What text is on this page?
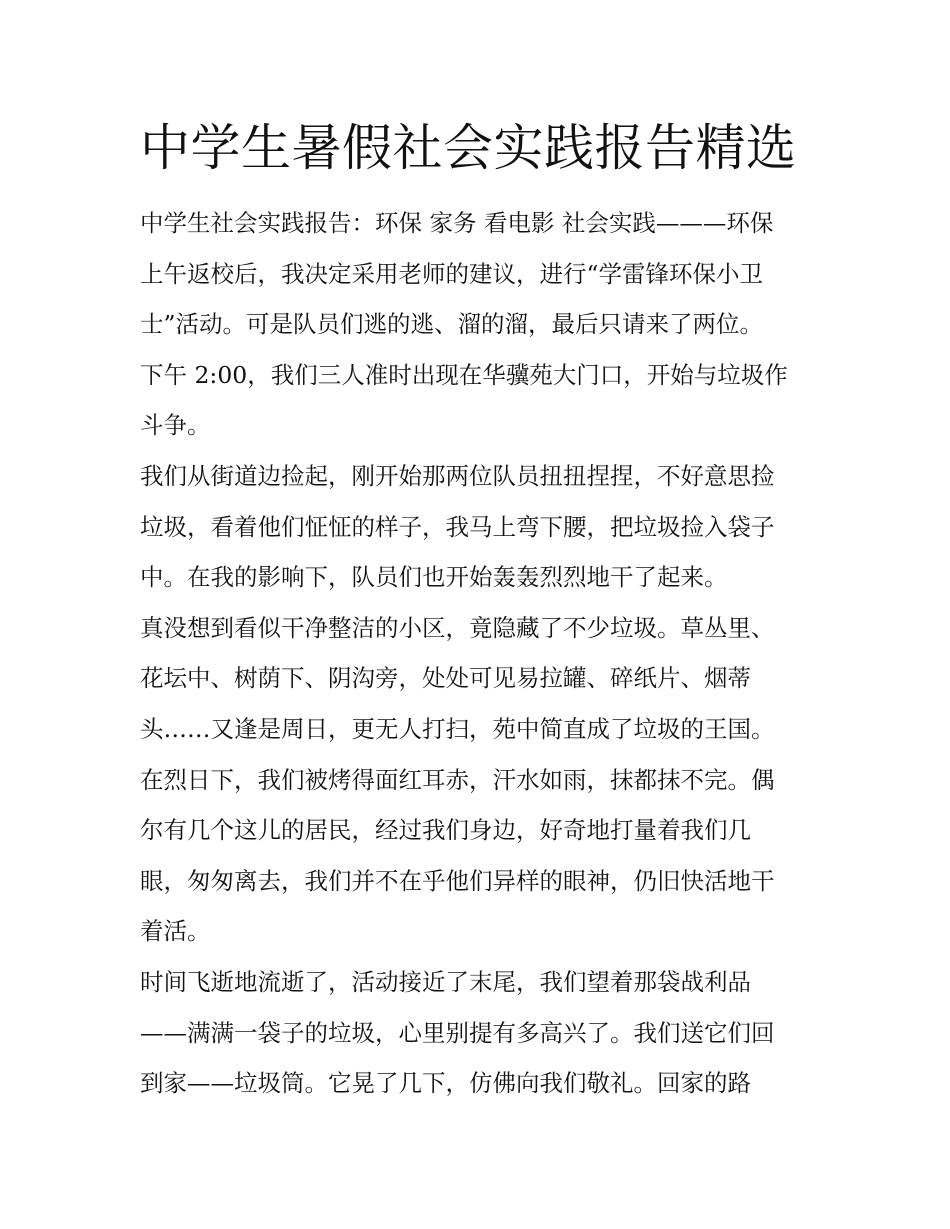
中学生暑假社会实践报告精选

中学生社会实践报告：环保 家务 看电影 社会实践———环保

上午返校后，我决定采用老师的建议，进行“学雷锋环保小卫

士”活动。可是队员们逃的逃、溜的溜，最后只请来了两位。

下午 2:00，我们三人准时出现在华骥苑大门口，开始与垃圾作

斗争。

我们从街道边捡起，刚开始那两位队员扭扭捏捏，不好意思捡

垃圾，看着他们怔怔的样子，我马上弯下腰，把垃圾捡入袋子

中。在我的影响下，队员们也开始轰轰烈烈地干了起来。

真没想到看似干净整洁的小区，竟隐藏了不少垃圾。草丛里、

花坛中、树荫下、阴沟旁，处处可见易拉罐、碎纸片、烟蒂

头……又逢是周日，更无人打扫，苑中简直成了垃圾的王国。

在烈日下，我们被烤得面红耳赤，汗水如雨，抹都抹不完。偶

尔有几个这儿的居民，经过我们身边，好奇地打量着我们几

眼，匆匆离去，我们并不在乎他们异样的眼神，仍旧快活地干

着活。

时间飞逝地流逝了，活动接近了末尾，我们望着那袋战利品

——满满一袋子的垃圾，心里别提有多高兴了。我们送它们回

到家——垃圾筒。它晃了几下，仿佛向我们敬礼。回家的路
